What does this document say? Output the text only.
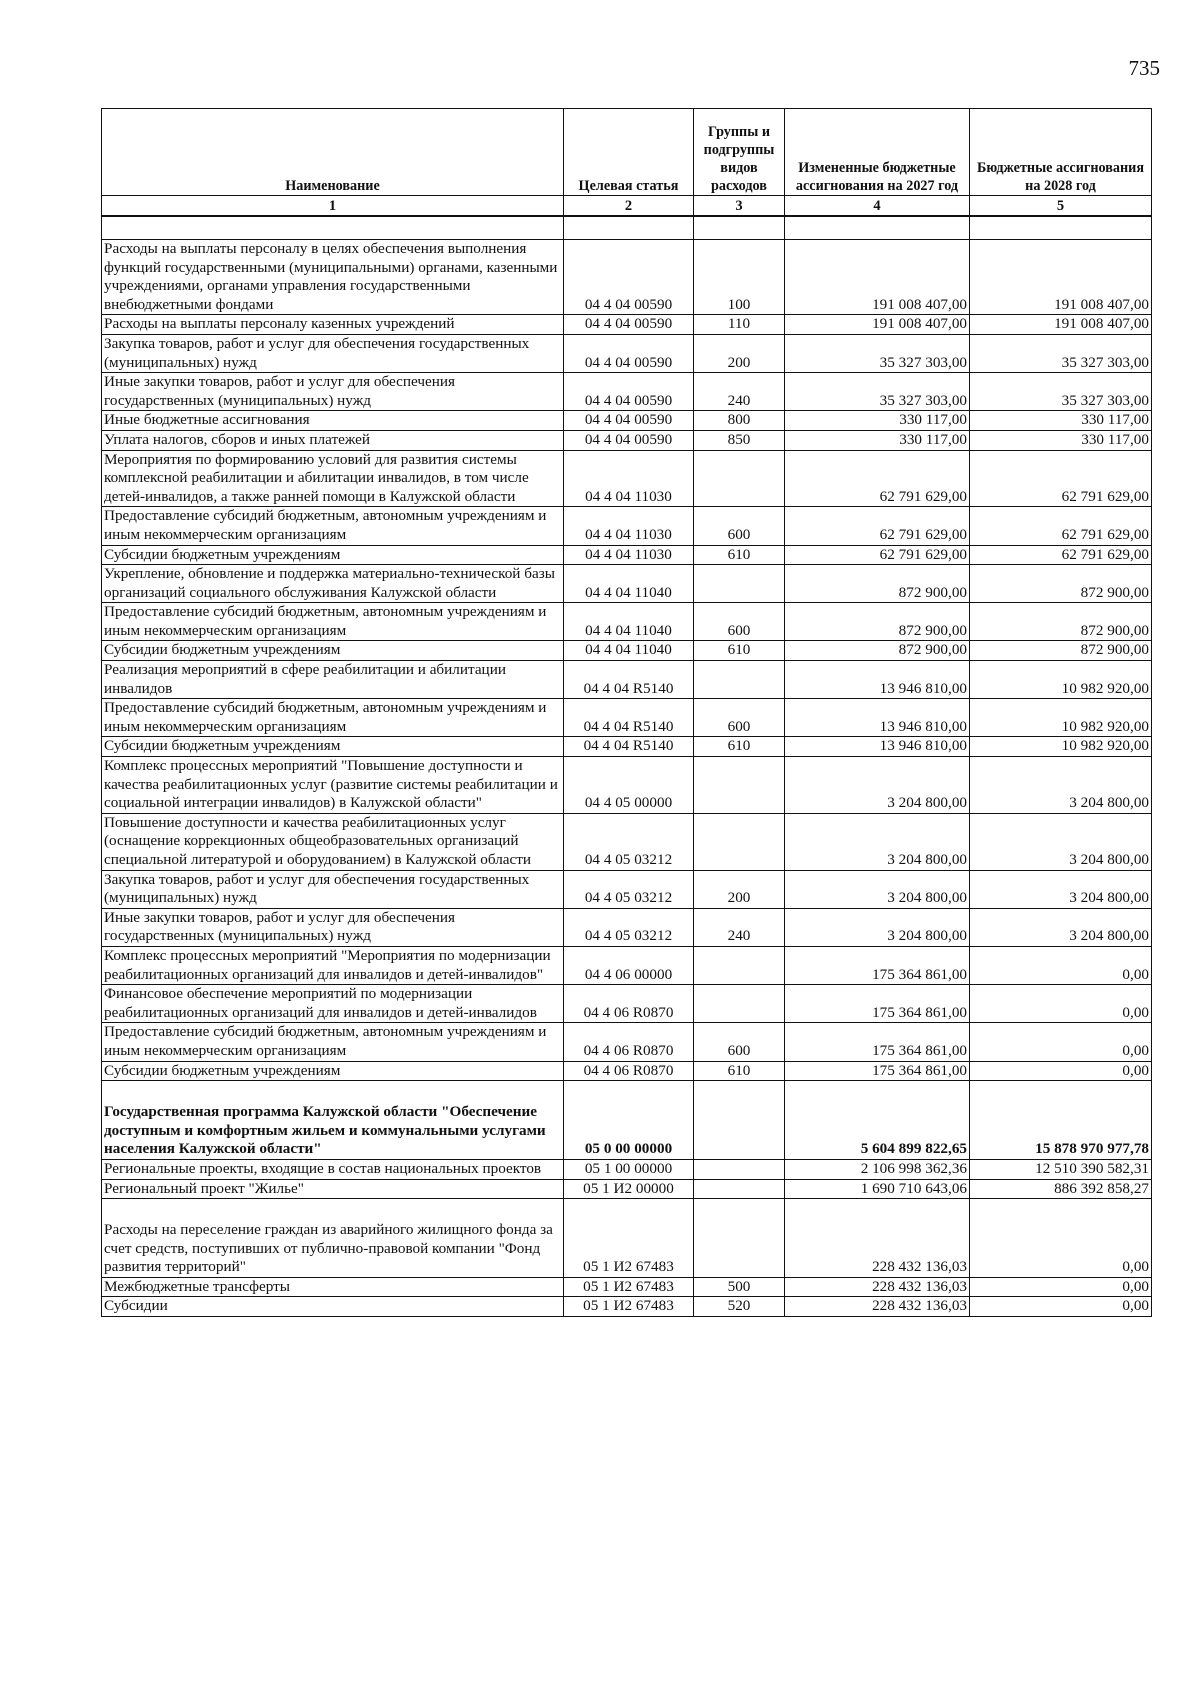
735
Наименование	Целевая статья	Группы и подгруппы видов расходов	Измененные бюджетные ассигнования на 2027 год	Бюджетные ассигнования на 2028 год
1	2	3	4	5

Расходы на выплаты персоналу в целях обеспечения выполнения функций государственными (муниципальными) органами, казенными учреждениями, органами управления государственными внебюджетными фондами	04 4 04 00590	100	191 008 407,00	191 008 407,00
Расходы на выплаты персоналу казенных учреждений	04 4 04 00590	110	191 008 407,00	191 008 407,00
Закупка товаров, работ и услуг для обеспечения государственных (муниципальных) нужд	04 4 04 00590	200	35 327 303,00	35 327 303,00
Иные закупки товаров, работ и услуг для обеспечения государственных (муниципальных) нужд	04 4 04 00590	240	35 327 303,00	35 327 303,00
Иные бюджетные ассигнования	04 4 04 00590	800	330 117,00	330 117,00
Уплата налогов, сборов и иных платежей	04 4 04 00590	850	330 117,00	330 117,00
Мероприятия по формированию условий для развития системы комплексной реабилитации и абилитации инвалидов, в том числе детей-инвалидов, а также ранней помощи в Калужской области	04 4 04 11030		62 791 629,00	62 791 629,00
Предоставление субсидий бюджетным, автономным учреждениям и иным некоммерческим организациям	04 4 04 11030	600	62 791 629,00	62 791 629,00
Субсидии бюджетным учреждениям	04 4 04 11030	610	62 791 629,00	62 791 629,00
Укрепление, обновление и поддержка материально-технической базы организаций социального обслуживания Калужской области	04 4 04 11040		872 900,00	872 900,00
Предоставление субсидий бюджетным, автономным учреждениям и иным некоммерческим организациям	04 4 04 11040	600	872 900,00	872 900,00
Субсидии бюджетным учреждениям	04 4 04 11040	610	872 900,00	872 900,00
Реализация мероприятий в сфере реабилитации и абилитации инвалидов	04 4 04 R5140		13 946 810,00	10 982 920,00
Предоставление субсидий бюджетным, автономным учреждениям и иным некоммерческим организациям	04 4 04 R5140	600	13 946 810,00	10 982 920,00
Субсидии бюджетным учреждениям	04 4 04 R5140	610	13 946 810,00	10 982 920,00
Комплекс процессных мероприятий "Повышение доступности и качества реабилитационных услуг (развитие системы реабилитации и социальной интеграции инвалидов) в Калужской области"	04 4 05 00000		3 204 800,00	3 204 800,00
Повышение доступности и качества реабилитационных услуг (оснащение коррекционных общеобразовательных организаций специальной литературой и оборудованием) в Калужской области	04 4 05 03212		3 204 800,00	3 204 800,00
Закупка товаров, работ и услуг для обеспечения государственных (муниципальных) нужд	04 4 05 03212	200	3 204 800,00	3 204 800,00
Иные закупки товаров, работ и услуг для обеспечения государственных (муниципальных) нужд	04 4 05 03212	240	3 204 800,00	3 204 800,00
Комплекс процессных мероприятий "Мероприятия по модернизации реабилитационных организаций для инвалидов и детей-инвалидов"	04 4 06 00000		175 364 861,00	0,00
Финансовое обеспечение мероприятий по модернизации реабилитационных организаций для инвалидов и детей-инвалидов	04 4 06 R0870		175 364 861,00	0,00
Предоставление субсидий бюджетным, автономным учреждениям и иным некоммерческим организациям	04 4 06 R0870	600	175 364 861,00	0,00
Субсидии бюджетным учреждениям	04 4 06 R0870	610	175 364 861,00	0,00
Государственная программа Калужской области "Обеспечение доступным и комфортным жильем и коммунальными услугами населения Калужской области"	05 0 00 00000		5 604 899 822,65	15 878 970 977,78
Региональные проекты, входящие в состав национальных проектов	05 1 00 00000		2 106 998 362,36	12 510 390 582,31
Региональный проект "Жилье"	05 1 И2 00000		1 690 710 643,06	886 392 858,27
Расходы на переселение граждан из аварийного жилищного фонда за счет средств, поступивших от публично-правовой компании "Фонд развития территорий"	05 1 И2 67483		228 432 136,03	0,00
Межбюджетные трансферты	05 1 И2 67483	500	228 432 136,03	0,00
Субсидии	05 1 И2 67483	520	228 432 136,03	0,00
